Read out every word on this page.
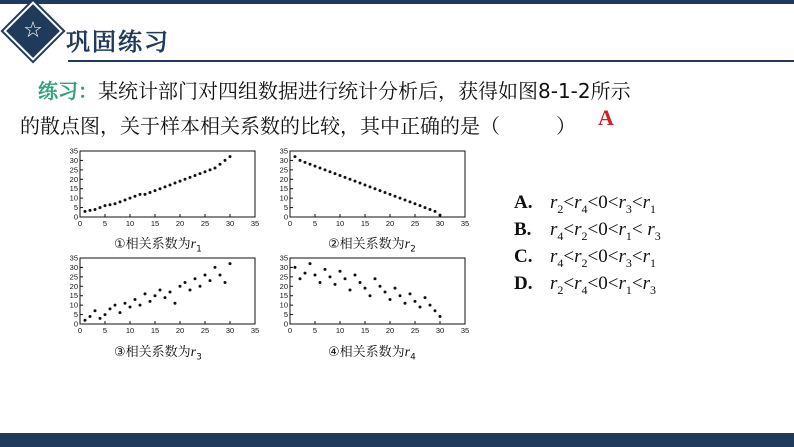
☆ 巩固练习
练习：某统计部门对四组数据进行统计分析后，获得如图8-1-2所示
的散点图，关于样本相关系数的比较，其中正确的是（	） A
0	5 10 15 20 25 30 35
0
5
10
15
20
25
30
35
①相关系数为$r_1$
0	5 10 15 20 25 30 35
0
5
10
15
20
25
30
35
②相关系数为$r_2$
0	5 10 15 20 25 30 35
0
5
10
15
20
25
30
35
③相关系数为$r_3$
0	5 10 15 20 25 30 35
0
5
10
15
20
25
30
35
④相关系数为$r_4$
A. $r_2<r_4<0<r_3<r_1$
B. $r_4<r_2<0<r_1< r_3$
C. $r_4<r_2<0<r_3<r_1$
D. $r_2<r_4<0<r_1<r_3$
